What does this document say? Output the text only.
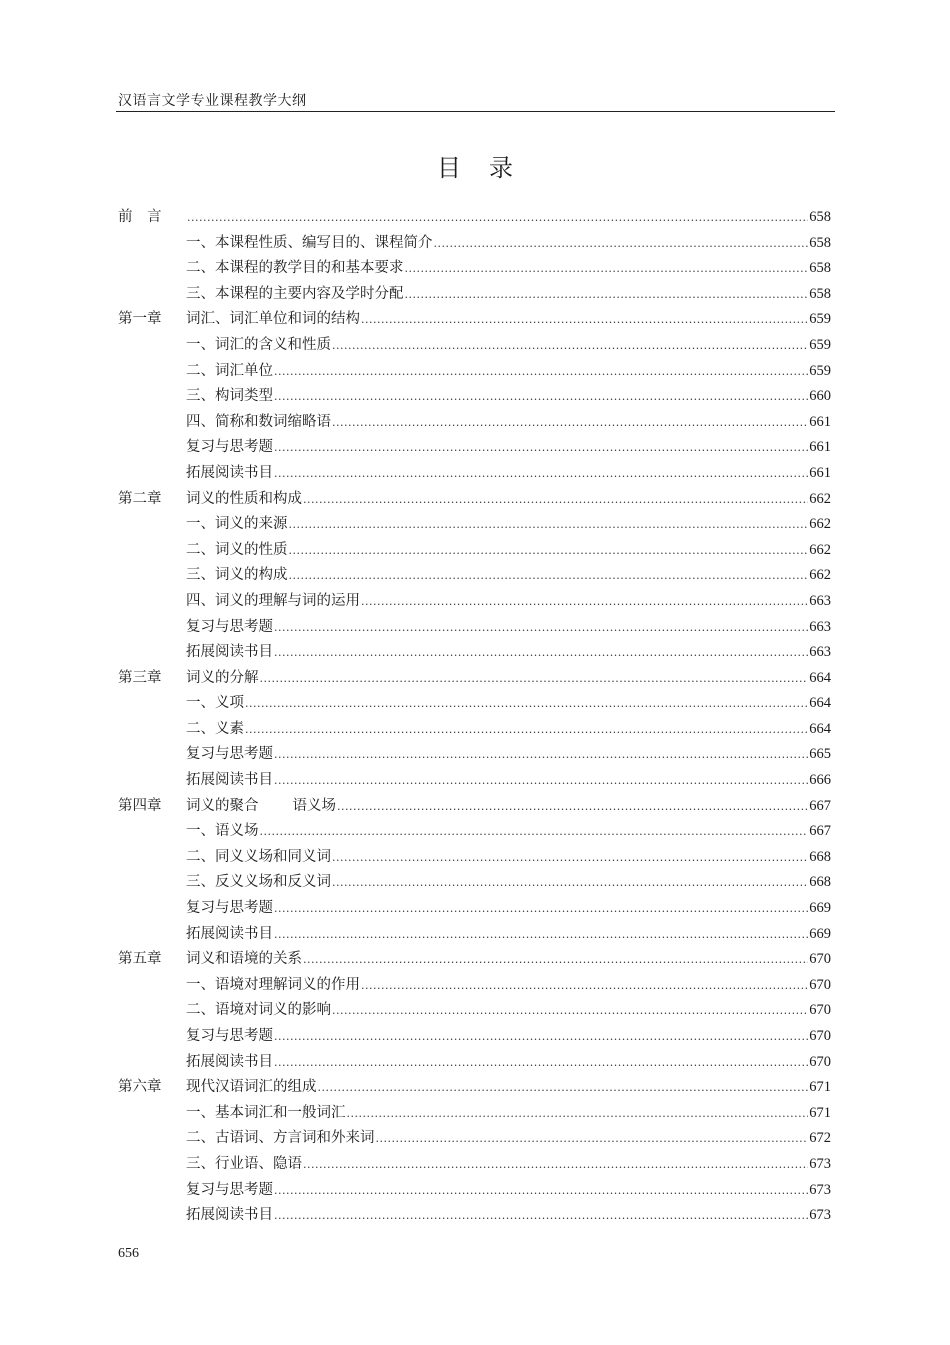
汉语言文学专业课程教学大纲
目录
前　言 .....	658
一、本课程性质、编写目的、课程简介 .....	658
二、本课程的教学目的和基本要求 .....	658
三、本课程的主要内容及学时分配 .....	658
第一章 词汇、词汇单位和词的结构 .....	659
一、词汇的含义和性质 .....	659
二、词汇单位 .....	659
三、构词类型 .....	660
四、简称和数词缩略语 .....	661
复习与思考题 .....	661
拓展阅读书目 .....	661
第二章 词义的性质和构成 .....	662
一、词义的来源 .....	662
二、词义的性质 .....	662
三、词义的构成 .....	662
四、词义的理解与词的运用 .....	663
复习与思考题 .....	663
拓展阅读书目 .....	663
第三章 词义的分解 .....	664
一、义项 .....	664
二、义素 .....	664
复习与思考题 .....	665
拓展阅读书目 .....	666
第四章 词义的聚合 语义场 .....	667
一、语义场 .....	667
二、同义义场和同义词 .....	668
三、反义义场和反义词 .....	668
复习与思考题 .....	669
拓展阅读书目 .....	669
第五章 词义和语境的关系 .....	670
一、语境对理解词义的作用 .....	670
二、语境对词义的影响 .....	670
复习与思考题 .....	670
拓展阅读书目 .....	670
第六章 现代汉语词汇的组成 .....	671
一、基本词汇和一般词汇 .....	671
二、古语词、方言词和外来词 .....	672
三、行业语、隐语 .....	673
复习与思考题 .....	673
拓展阅读书目 .....	673
656
